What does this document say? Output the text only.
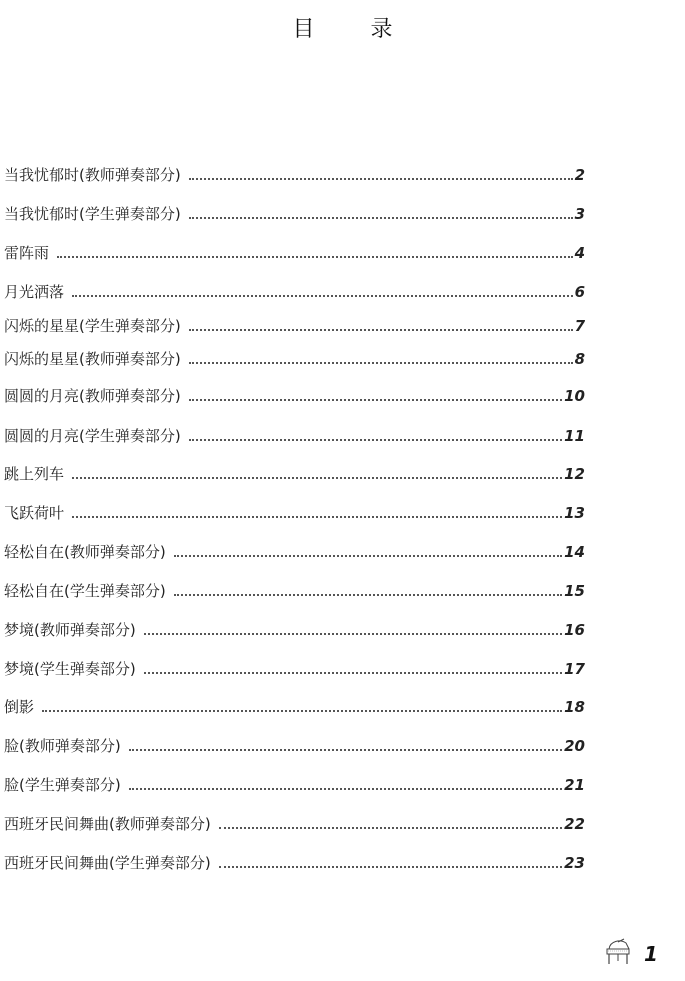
目	录
当我忧郁时(教师弹奏部分)	2
当我忧郁时(学生弹奏部分)	3
雷阵雨	4
月光洒落	6
闪烁的星星(学生弹奏部分)	7
闪烁的星星(教师弹奏部分)	8
圆圆的月亮(教师弹奏部分)	10
圆圆的月亮(学生弹奏部分)	11
跳上列车	12
飞跃荷叶	13
轻松自在(教师弹奏部分)	14
轻松自在(学生弹奏部分)	15
梦境(教师弹奏部分)	16
梦境(学生弹奏部分)	17
倒影	18
脸(教师弹奏部分)	20
脸(学生弹奏部分)	21
西班牙民间舞曲(教师弹奏部分)	22
西班牙民间舞曲(学生弹奏部分)	23
1
